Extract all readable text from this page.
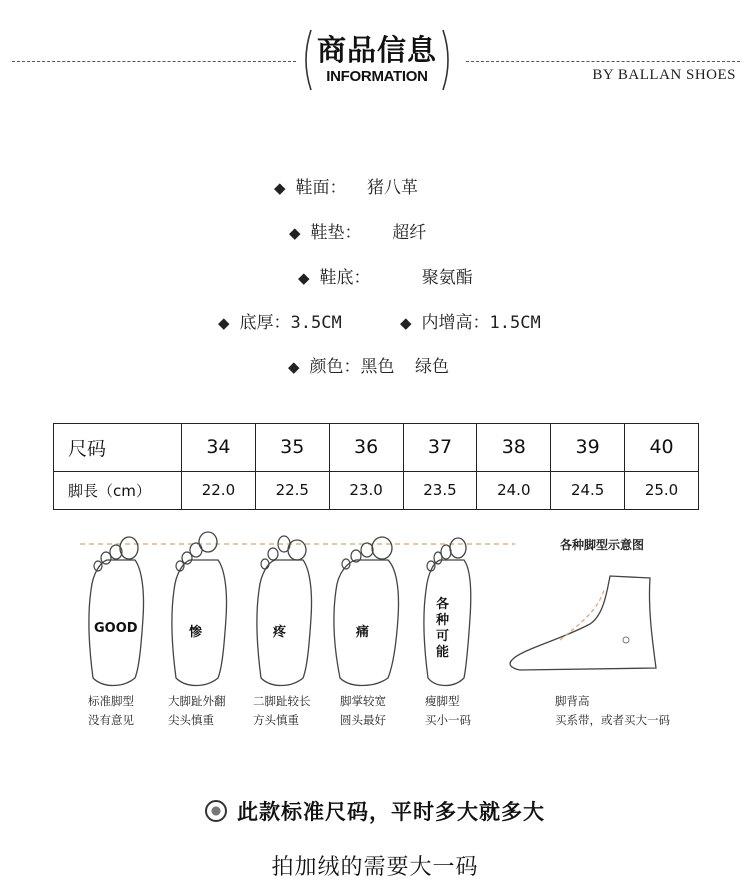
商品信息
INFORMATION	BY BALLAN SHOES
◆ 鞋面：  猪八革
◆ 鞋垫：   超纤
◆ 鞋底：     聚氨酯
◆ 底厚：3.5CM	◆ 内增高：1.5CM
◆ 颜色：黑色  绿色
尺码	34	35	36	37	38	39	40
脚長（cm）	22.0	22.5	23.0	23.5	24.0	24.5	25.0
GOOD	惨	疼	痛
各种可能
各种脚型示意图
标准脚型
没有意见
大脚趾外翻
尖头慎重
二脚趾较长
方头慎重
脚掌较宽
圆头最好
瘦脚型
买小一码
脚背高
买系带，或者买大一码
此款标准尺码，平时多大就多大
拍加绒的需要大一码
